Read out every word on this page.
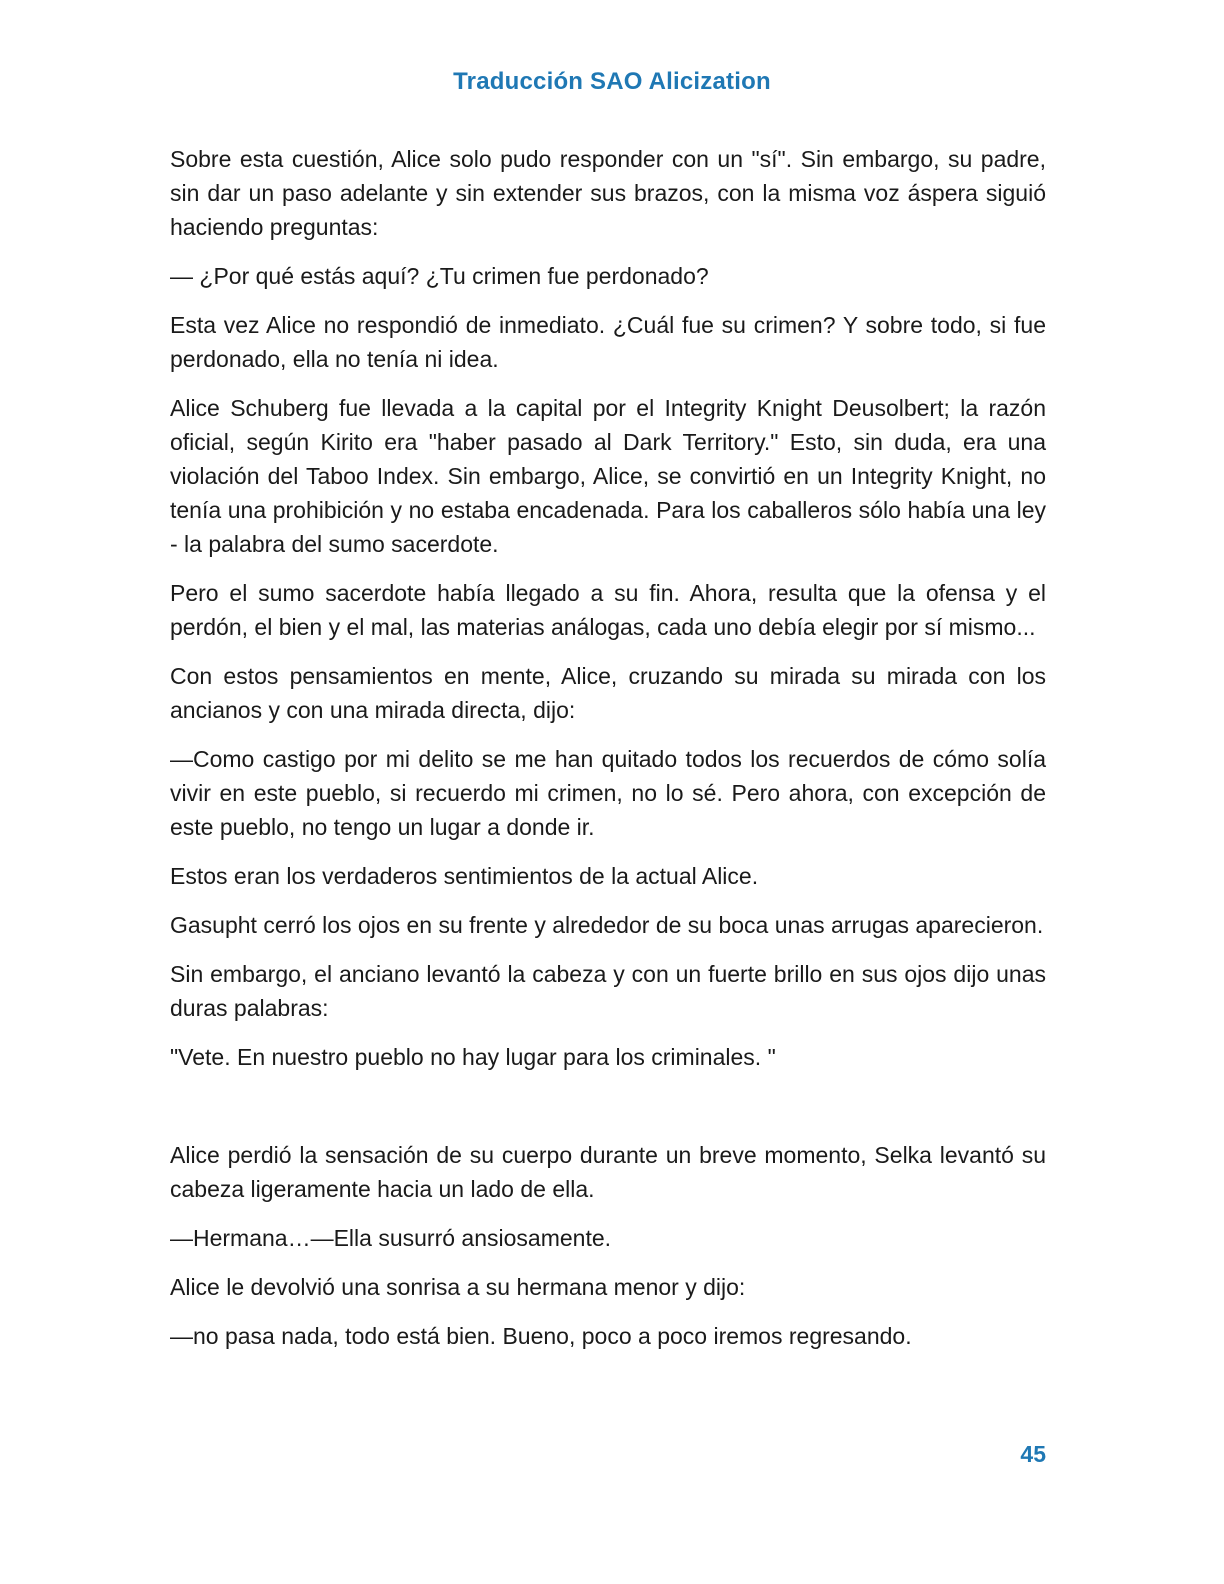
Traducción SAO Alicization

Sobre esta cuestión, Alice solo pudo responder con un "sí". Sin embargo, su padre, sin dar un paso adelante y sin extender sus brazos, con la misma voz áspera siguió haciendo preguntas:

— ¿Por qué estás aquí? ¿Tu crimen fue perdonado?

Esta vez Alice no respondió de inmediato. ¿Cuál fue su crimen? Y sobre todo, si fue perdonado, ella no tenía ni idea.

Alice Schuberg fue llevada a la capital por el Integrity Knight Deusolbert; la razón oficial, según Kirito era "haber pasado al Dark Territory." Esto, sin duda, era una violación del Taboo Index. Sin embargo, Alice, se convirtió en un Integrity Knight, no tenía una prohibición y no estaba encadenada. Para los caballeros sólo había una ley - la palabra del sumo sacerdote.

Pero el sumo sacerdote había llegado a su fin. Ahora, resulta que la ofensa y el perdón, el bien y el mal, las materias análogas, cada uno debía elegir por sí mismo...

Con estos pensamientos en mente, Alice, cruzando su mirada su mirada con los ancianos y con una mirada directa, dijo:

—Como castigo por mi delito se me han quitado todos los recuerdos de cómo solía vivir en este pueblo, si recuerdo mi crimen, no lo sé. Pero ahora, con excepción de este pueblo, no tengo un lugar a donde ir.

Estos eran los verdaderos sentimientos de la actual Alice.

Gasupht cerró los ojos en su frente y alrededor de su boca unas arrugas aparecieron.

Sin embargo, el anciano levantó la cabeza y con un fuerte brillo en sus ojos dijo unas duras palabras:

"Vete. En nuestro pueblo no hay lugar para los criminales. "

Alice perdió la sensación de su cuerpo durante un breve momento, Selka levantó su cabeza ligeramente hacia un lado de ella.

—Hermana…—Ella susurró ansiosamente.

Alice le devolvió una sonrisa a su hermana menor y dijo:

—no pasa nada, todo está bien. Bueno, poco a poco iremos regresando.

45
